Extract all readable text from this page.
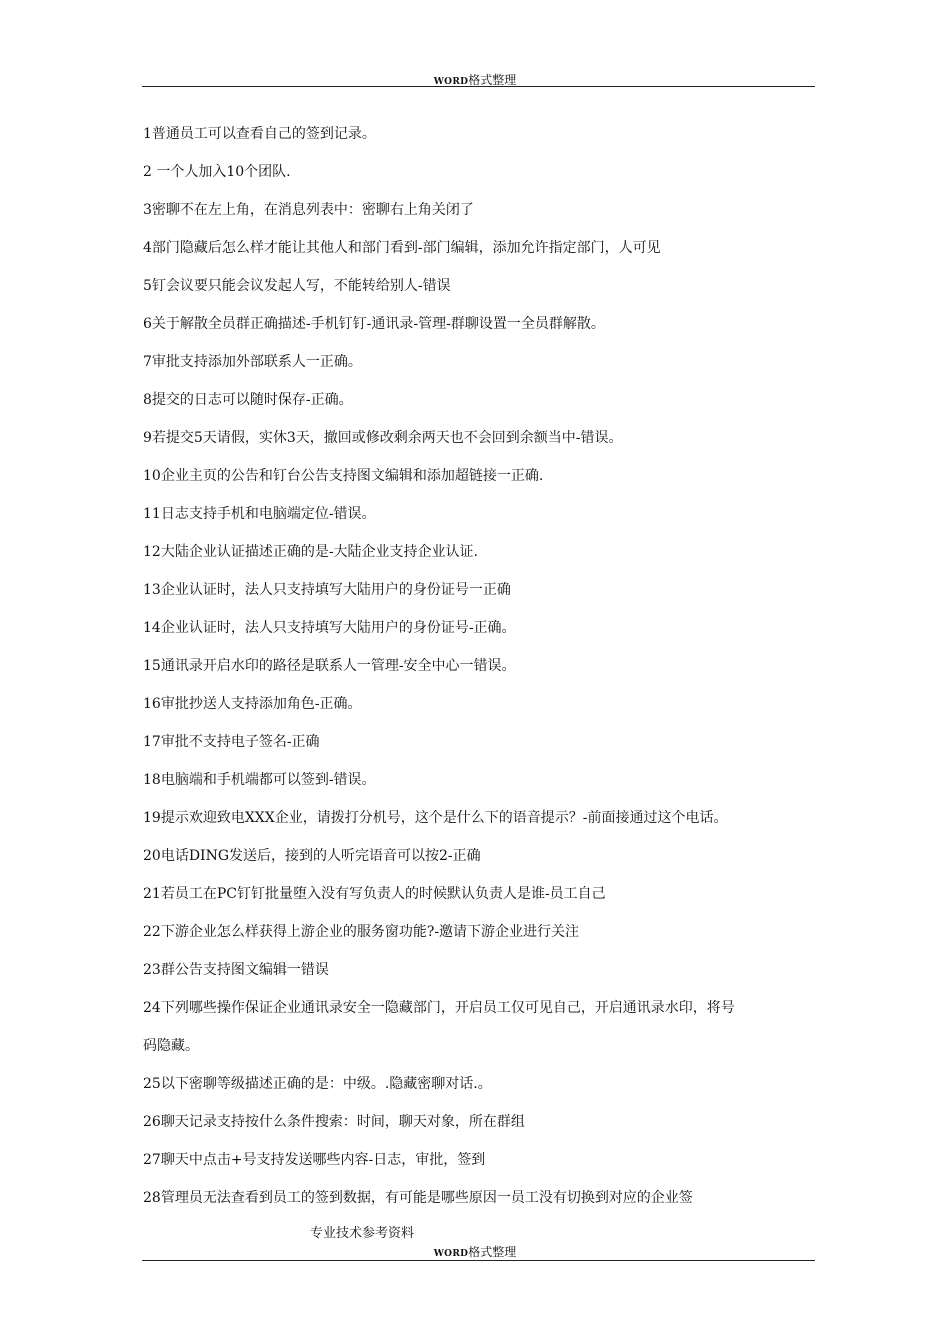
WORD格式整理
1普通员工可以查看自己的签到记录。
2 一个人加入10个团队.
3密聊不在左上角，在消息列表中：密聊右上角关闭了
4部门隐藏后怎么样才能让其他人和部门看到-部门编辑，添加允许指定部门，人可见
5钉会议要只能会议发起人写，不能转给别人-错误
6关于解散全员群正确描述-手机钉钉-通讯录-管理-群聊设置一全员群解散。
7审批支持添加外部联系人一正确。
8提交的日志可以随时保存-正确。
9若提交5天请假，实休3天，撤回或修改剩余两天也不会回到余额当中-错误。
10企业主页的公告和钉台公告支持图文编辑和添加超链接一正确.
11日志支持手机和电脑端定位-错误。
12大陆企业认证描述正确的是-大陆企业支持企业认证.
13企业认证时，法人只支持填写大陆用户的身份证号一正确
14企业认证时，法人只支持填写大陆用户的身份证号-正确。
15通讯录开启水印的路径是联系人一管理-安全中心一错误。
16审批抄送人支持添加角色-正确。
17审批不支持电子签名-正确
18电脑端和手机端都可以签到-错误。
19提示欢迎致电XXX企业，请拨打分机号，这个是什么下的语音提示？-前面接通过这个电话。
20电话DING发送后，接到的人听完语音可以按2-正确
21若员工在PC钉钉批量堕入没有写负责人的时候默认负责人是谁-员工自己
22下游企业怎么样获得上游企业的服务窗功能?-邀请下游企业进行关注
23群公告支持图文编辑一错误
24下列哪些操作保证企业通讯录安全一隐藏部门，开启员工仅可见自己，开启通讯录水印，将号
码隐藏。
25以下密聊等级描述正确的是：中级。.隐藏密聊对话.。
26聊天记录支持按什么条件搜索：时间，聊天对象，所在群组
27聊天中点击+号支持发送哪些内容-日志，审批，签到
28管理员无法查看到员工的签到数据，有可能是哪些原因一员工没有切换到对应的企业签
专业技术参考资料
WORD格式整理
